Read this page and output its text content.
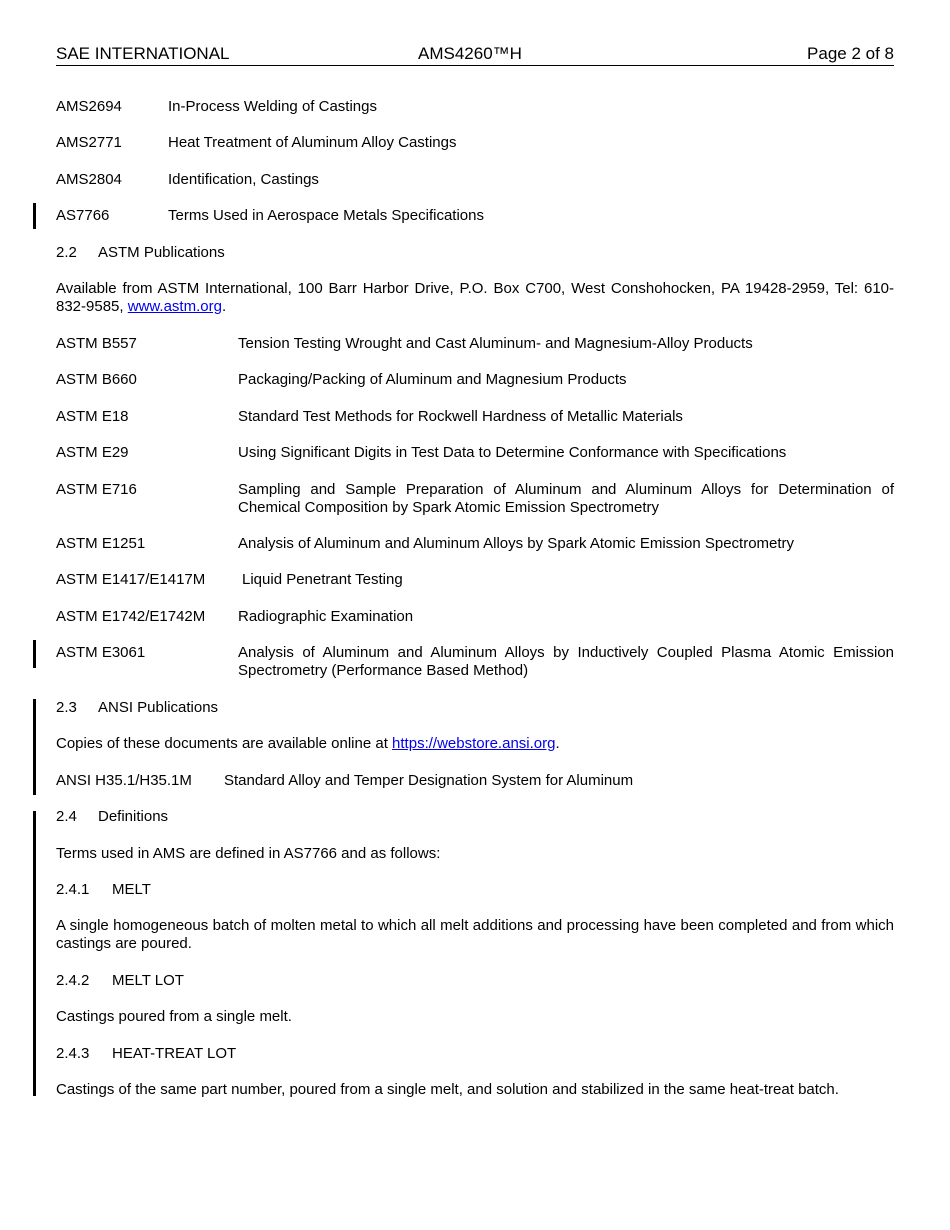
SAE INTERNATIONAL	AMS4260™H	Page 2 of 8
AMS2694	In-Process Welding of Castings
AMS2771	Heat Treatment of Aluminum Alloy Castings
AMS2804	Identification, Castings
AS7766	Terms Used in Aerospace Metals Specifications
2.2 ASTM Publications
Available from ASTM International, 100 Barr Harbor Drive, P.O. Box C700, West Conshohocken, PA 19428-2959, Tel: 610-832-9585, www.astm.org.
ASTM B557	Tension Testing Wrought and Cast Aluminum- and Magnesium-Alloy Products
ASTM B660	Packaging/Packing of Aluminum and Magnesium Products
ASTM E18	Standard Test Methods for Rockwell Hardness of Metallic Materials
ASTM E29	Using Significant Digits in Test Data to Determine Conformance with Specifications
ASTM E716	Sampling and Sample Preparation of Aluminum and Aluminum Alloys for Determination of Chemical Composition by Spark Atomic Emission Spectrometry
ASTM E1251	Analysis of Aluminum and Aluminum Alloys by Spark Atomic Emission Spectrometry
ASTM E1417/E1417M Liquid Penetrant Testing
ASTM E1742/E1742M Radiographic Examination
ASTM E3061	Analysis of Aluminum and Aluminum Alloys by Inductively Coupled Plasma Atomic Emission Spectrometry (Performance Based Method)
2.3 ANSI Publications
Copies of these documents are available online at https://webstore.ansi.org.
ANSI H35.1/H35.1M Standard Alloy and Temper Designation System for Aluminum
2.4 Definitions
Terms used in AMS are defined in AS7766 and as follows:
2.4.1 MELT
A single homogeneous batch of molten metal to which all melt additions and processing have been completed and from which castings are poured.
2.4.2 MELT LOT
Castings poured from a single melt.
2.4.3 HEAT-TREAT LOT
Castings of the same part number, poured from a single melt, and solution and stabilized in the same heat-treat batch.
